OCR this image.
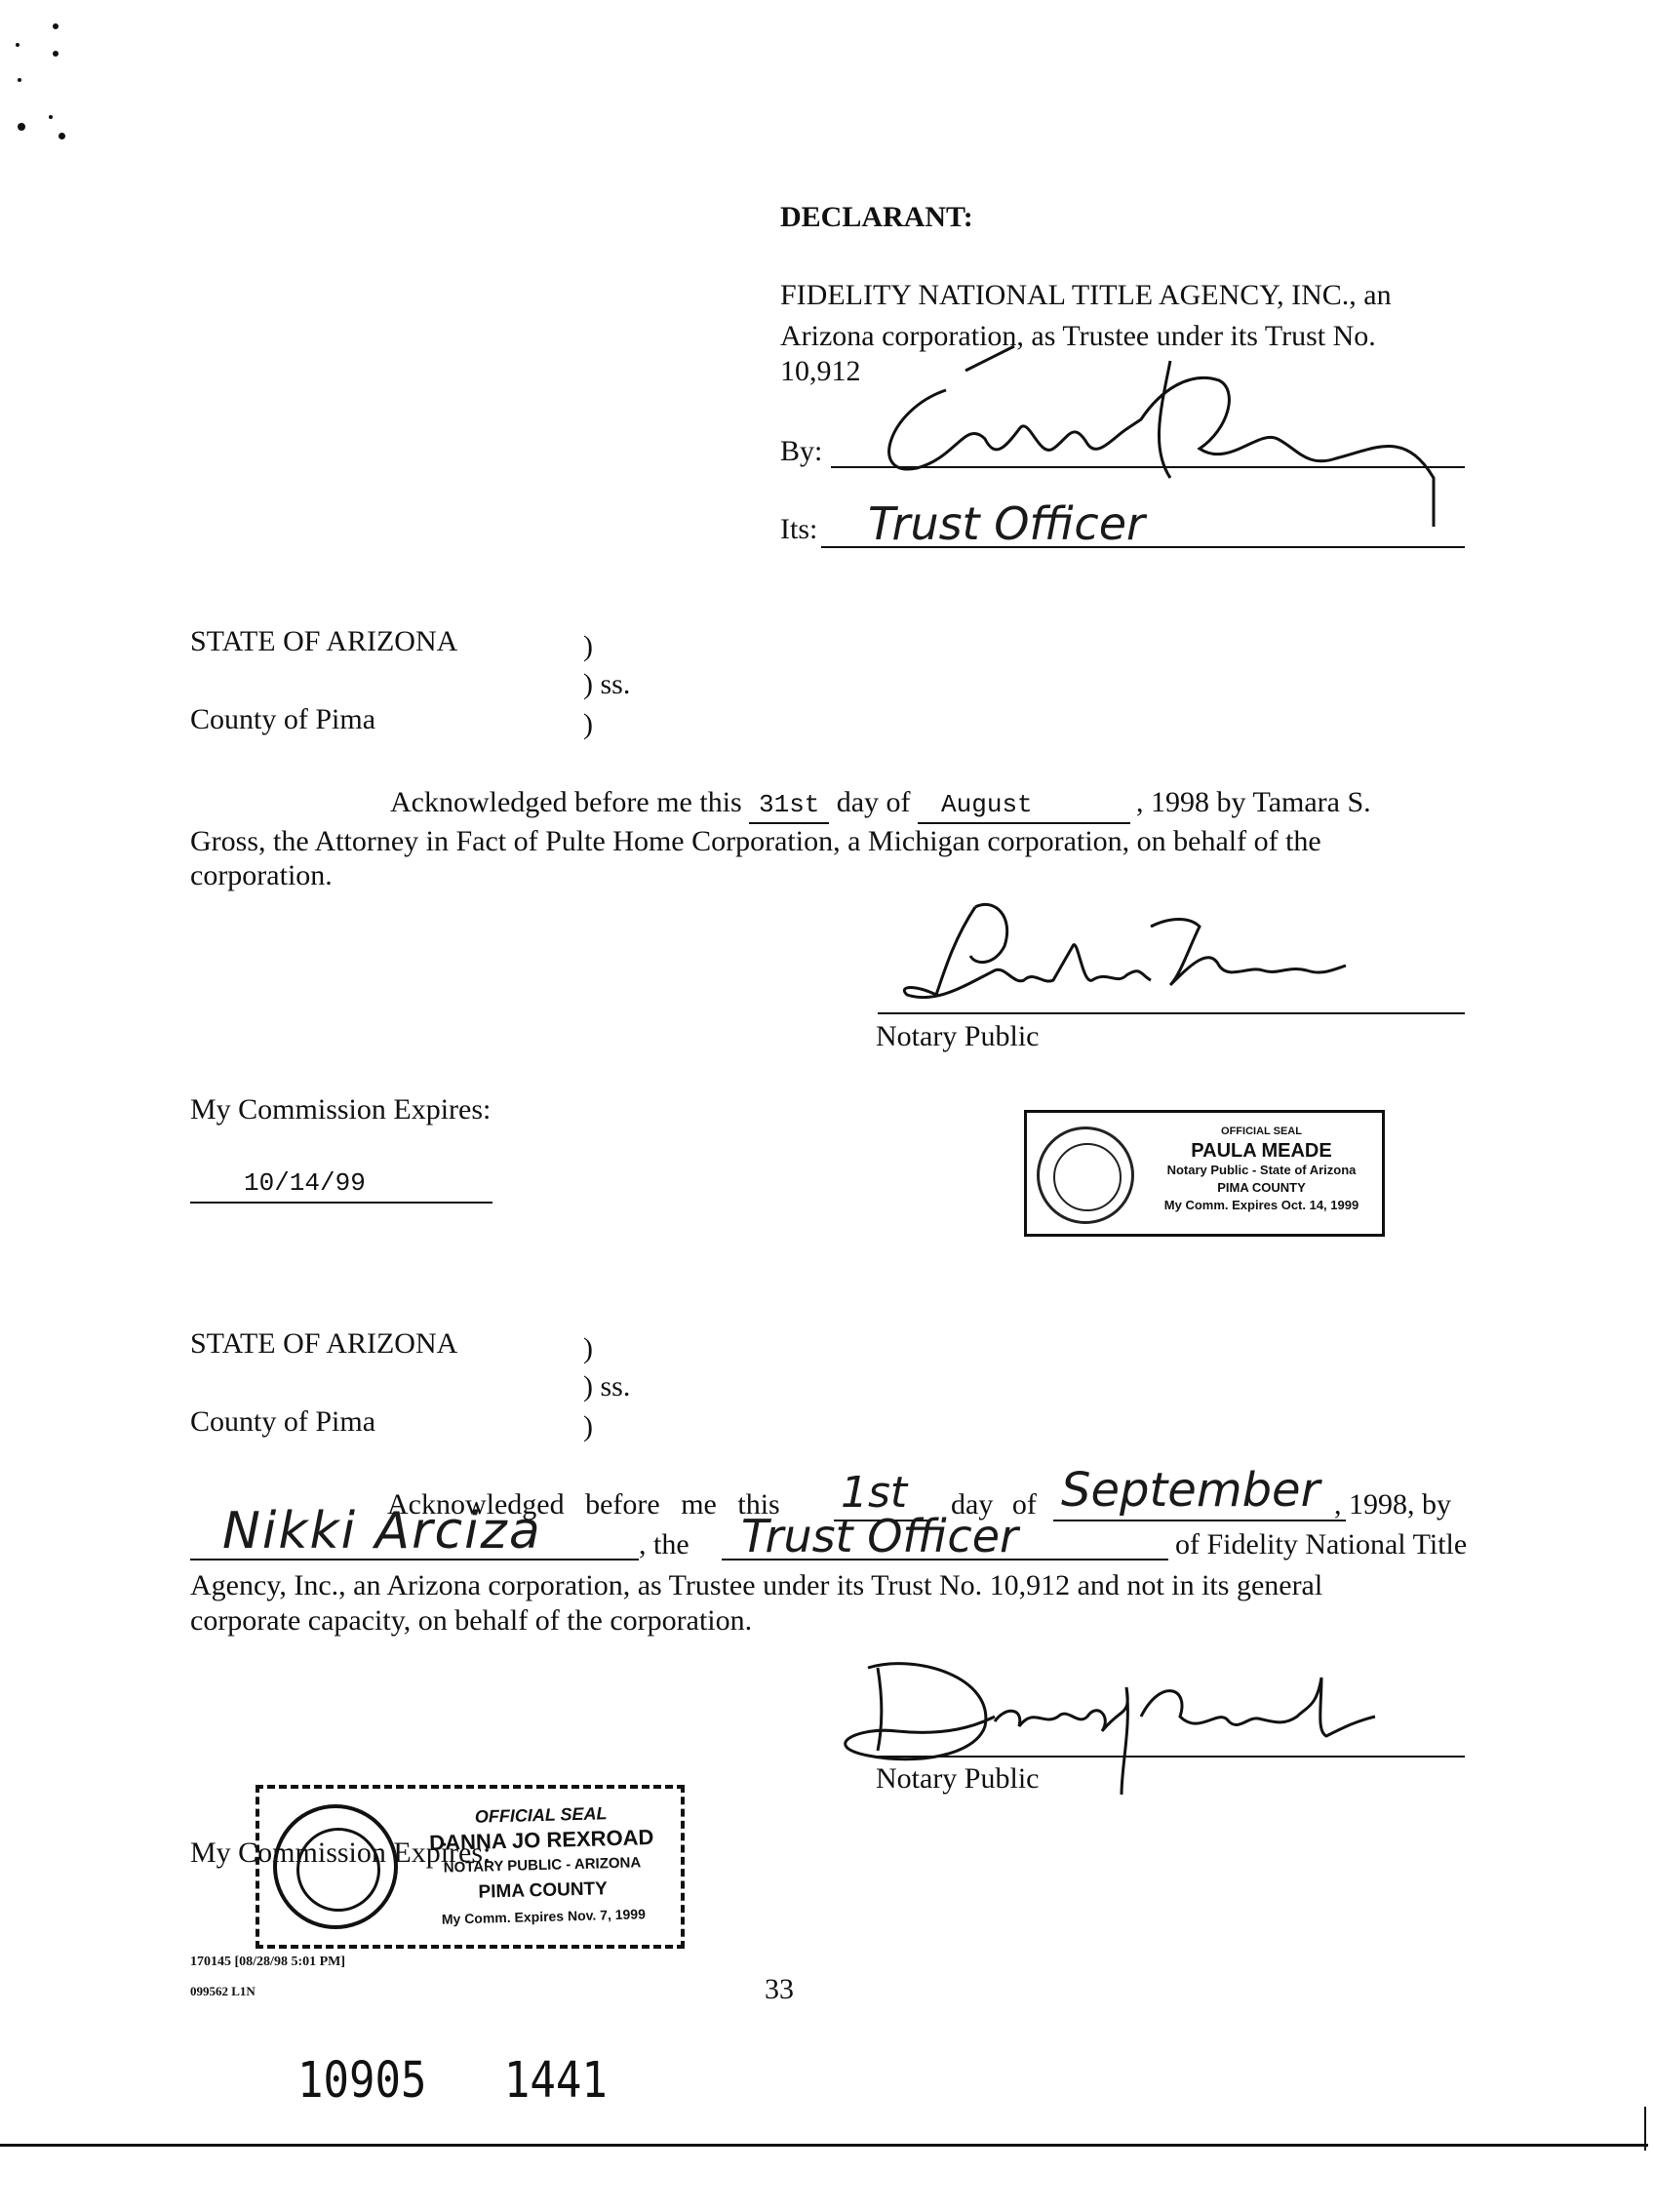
DECLARANT:
FIDELITY NATIONAL TITLE AGENCY, INC., an
Arizona corporation, as Trustee under its Trust No.
10,912
By:
Its: Trust Officer
STATE OF ARIZONA	)
) ss.
County of Pima	)
Acknowledged before me this 31st day of August	, 1998 by Tamara S.
Gross, the Attorney in Fact of Pulte Home Corporation, a Michigan corporation, on behalf of the
corporation.
Notary Public
My Commission Expires:
10/14/99
OFFICIAL SEAL
PAULA MEADE
Notary Public - State of Arizona
PIMA COUNTY
My Comm. Expires Oct. 14, 1999
STATE OF ARIZONA	)
) ss.
County of Pima	)
Acknowledged before me this 1st day of September , 1998, by
Nikki Arciza	, the Trust Officer	of Fidelity National Title
Agency, Inc., an Arizona corporation, as Trustee under its Trust No. 10,912 and not in its general
corporate capacity, on behalf of the corporation.
Notary Public
My Commission Expires:
OFFICIAL SEAL
DANNA JO REXROAD
NOTARY PUBLIC - ARIZONA
PIMA COUNTY
My Comm. Expires Nov. 7, 1999
170145 [08/28/98 5:01 PM]
099562 L1N	33
10905   1441
